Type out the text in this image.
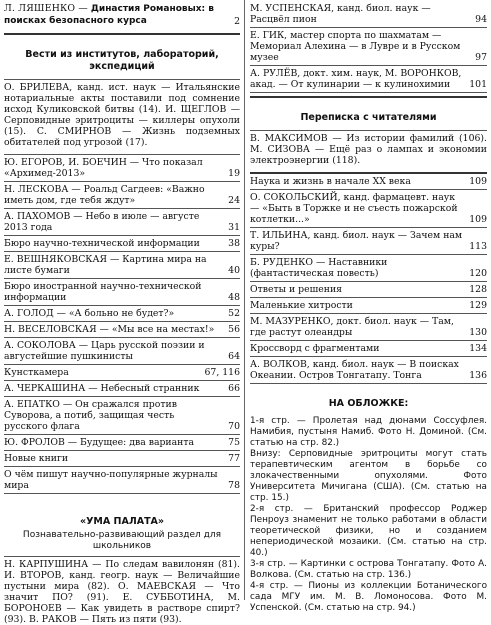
Л. ЛЯШЕНКО — Династия Романовых: в поисках безопасного курса	2
Вести из институтов, лабораторий, экспедиций
О. БРИЛЕВА, канд. ист. наук — Итальянские нотариальные акты поставили под сомнение исход Куликовской битвы (14). И. ЩЕГЛОВ — Серповидные эритроциты — киллеры опухоли (15). С. СМИРНОВ — Жизнь подземных обитателей под угрозой (17).
Ю. ЕГОРОВ, И. БОЕЧИН — Что показал «Архимед-2013»	19
Н. ЛЕСКОВА — Роальд Сагдеев: «Важно иметь дом, где тебя ждут»	24
А. ПАХОМОВ — Небо в июле — августе 2013 года	31
Бюро научно-технической информации	38
Е. ВЕШНЯКОВСКАЯ — Картина мира на листе бумаги	40
Бюро иностранной научно-технической информации	48
А. ГОЛОД — «А больно не будет?»	52
Н. ВЕСЕЛОВСКАЯ — «Мы все на местах!» 56
А. СОКОЛОВА — Царь русской поэзии и августейшие пушкинисты	64
Кунсткамера	67, 116
А. ЧЕРКАШИНА — Небесный странник	66
А. ЕПАТКО — Он сражался против Суворова, а потиб, защищая честь русского флага	70
Ю. ФРОЛОВ — Будущее: два варианта	75
Новые книги	77
О чём пишут научно-популярные журналы мира	78
«УМА ПАЛАТА»
Познавательно-развивающий раздел для школьников
Н. КАРПУШИНА — По следам вавилонян (81). И. ВТОРОВ, канд. геогр. наук — Величайшие пустыни мира (82). О. МАЕВСКАЯ — Что значит ПО? (91). Е. СУББОТИНА, М. БОРОНОЕВ — Как увидеть в растворе спирт? (93). В. РАКОВ — Пять из пяти (93).
М. УСПЕНСКАЯ, канд. биол. наук — Расцвёл пион	94
Е. ГИК, мастер спорта по шахматам — Мемориал Алехина — в Лувре и в Русском музее	97
А. РУЛЁВ, докт. хим. наук, М. ВОРОНКОВ, акад. — От кулинарии — к кулинохимии 101
Переписка с читателями
В. МАКСИМОВ — Из истории фамилий (106). М. СИЗОВА — Ещё раз о лампах и экономии электроэнергии (118).
Наука и жизнь в начале ХХ века	109
О. СОКОЛЬСКИЙ, канд. фармацевт. наук — «Быть в Торжке и не съесть пожарской котлетки...»	109
Т. ИЛЬИНА, канд. биол. наук — Зачем нам куры?	113
Б. РУДЕНКО — Наставники (фантастическая повесть)	120
Ответы и решения	128
Маленькие хитрости	129
М. МАЗУРЕНКО, докт. биол. наук — Там, где растут олеандры	130
Кроссворд с фрагментами	134
А. ВОЛКОВ, канд. биол. наук — В поисках Океании. Остров Тонгатапу. Тонга	136
НА ОБЛОЖКЕ:

1-я стр. — Пролетая над дюнами Соссуфлея. Намибия, пустыня Намиб. Фото Н. Доминой. (См. статью на стр. 82.)

Внизу: Серповидные эритроциты могут стать терапевтическим агентом в борьбе со злокачественными опухолями. Фото Университета Мичигана (США). (См. статью на стр. 15.)

2-я стр. — Британский профессор Роджер Пенроуз знаменит не только работами в области теоретической физики, но и созданием непериодической мозаики. (См. статью на стр. 40.)

3-я стр. — Картинки с острова Тонгатапу. Фото А. Волкова. (См. статью на стр. 136.)

4-я стр. — Пионы из коллекции Ботанического сада МГУ им. М. В. Ломоносова. Фото М. Успенской. (См. статью на стр. 94.)
